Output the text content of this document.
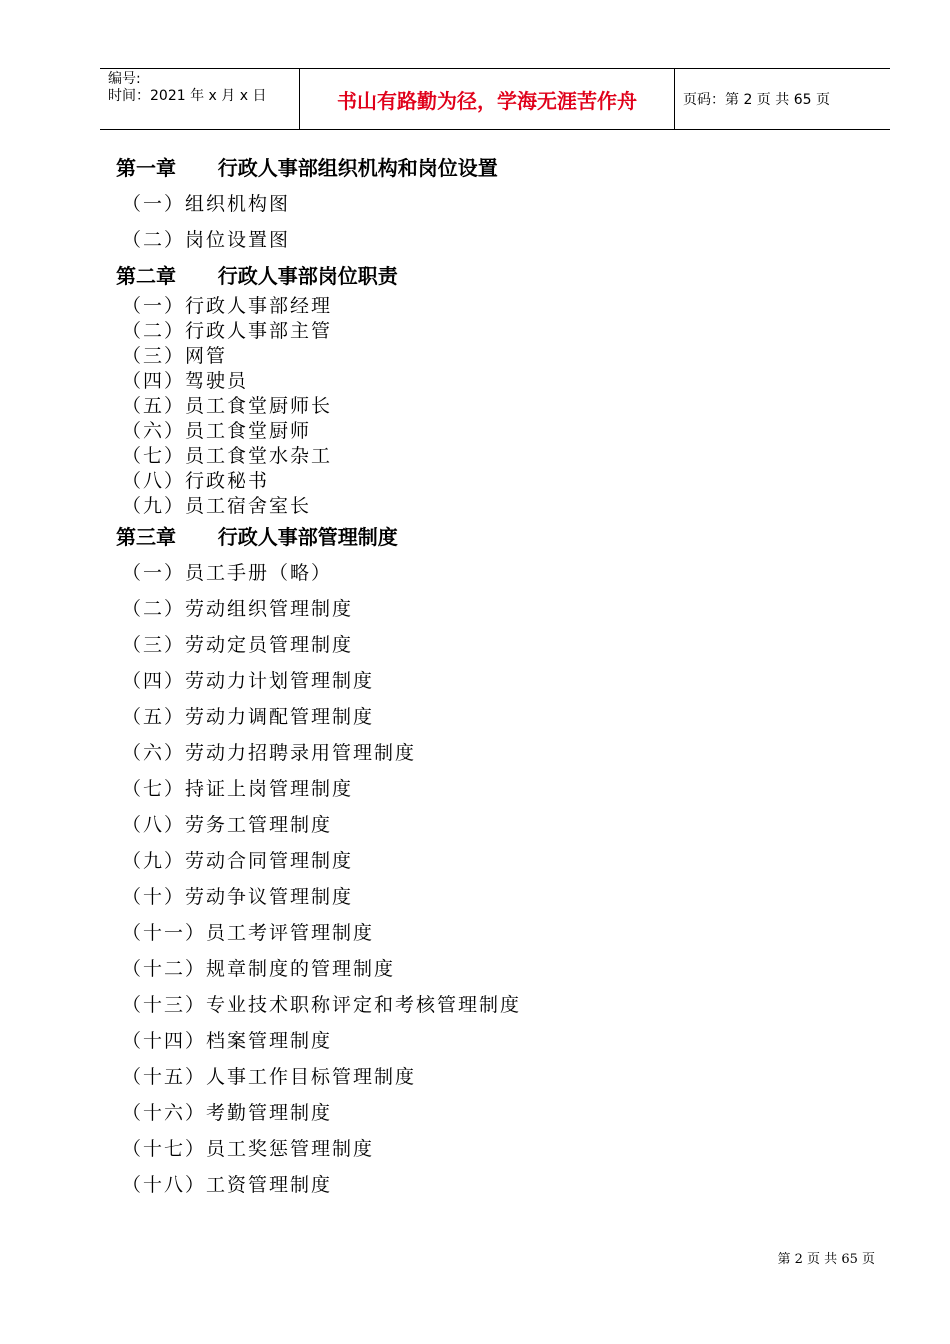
编号:
时间：2021 年 x 月 x 日	书山有路勤为径，学海无涯苦作舟	页码：第 2 页 共 65 页
第一章      行政人事部组织机构和岗位设置
（一）组织机构图
（二）岗位设置图
第二章      行政人事部岗位职责
（一）行政人事部经理
（二）行政人事部主管
（三）网管
（四）驾驶员
（五）员工食堂厨师长
（六）员工食堂厨师
（七）员工食堂水杂工
（八）行政秘书
（九）员工宿舍室长
第三章      行政人事部管理制度
（一）员工手册（略）
（二）劳动组织管理制度
（三）劳动定员管理制度
（四）劳动力计划管理制度
（五）劳动力调配管理制度
（六）劳动力招聘录用管理制度
（七）持证上岗管理制度
（八）劳务工管理制度
（九）劳动合同管理制度
（十）劳动争议管理制度
（十一）员工考评管理制度
（十二）规章制度的管理制度
（十三）专业技术职称评定和考核管理制度
（十四）档案管理制度
（十五）人事工作目标管理制度
（十六）考勤管理制度
（十七）员工奖惩管理制度
（十八）工资管理制度
第 2 页 共 65 页
